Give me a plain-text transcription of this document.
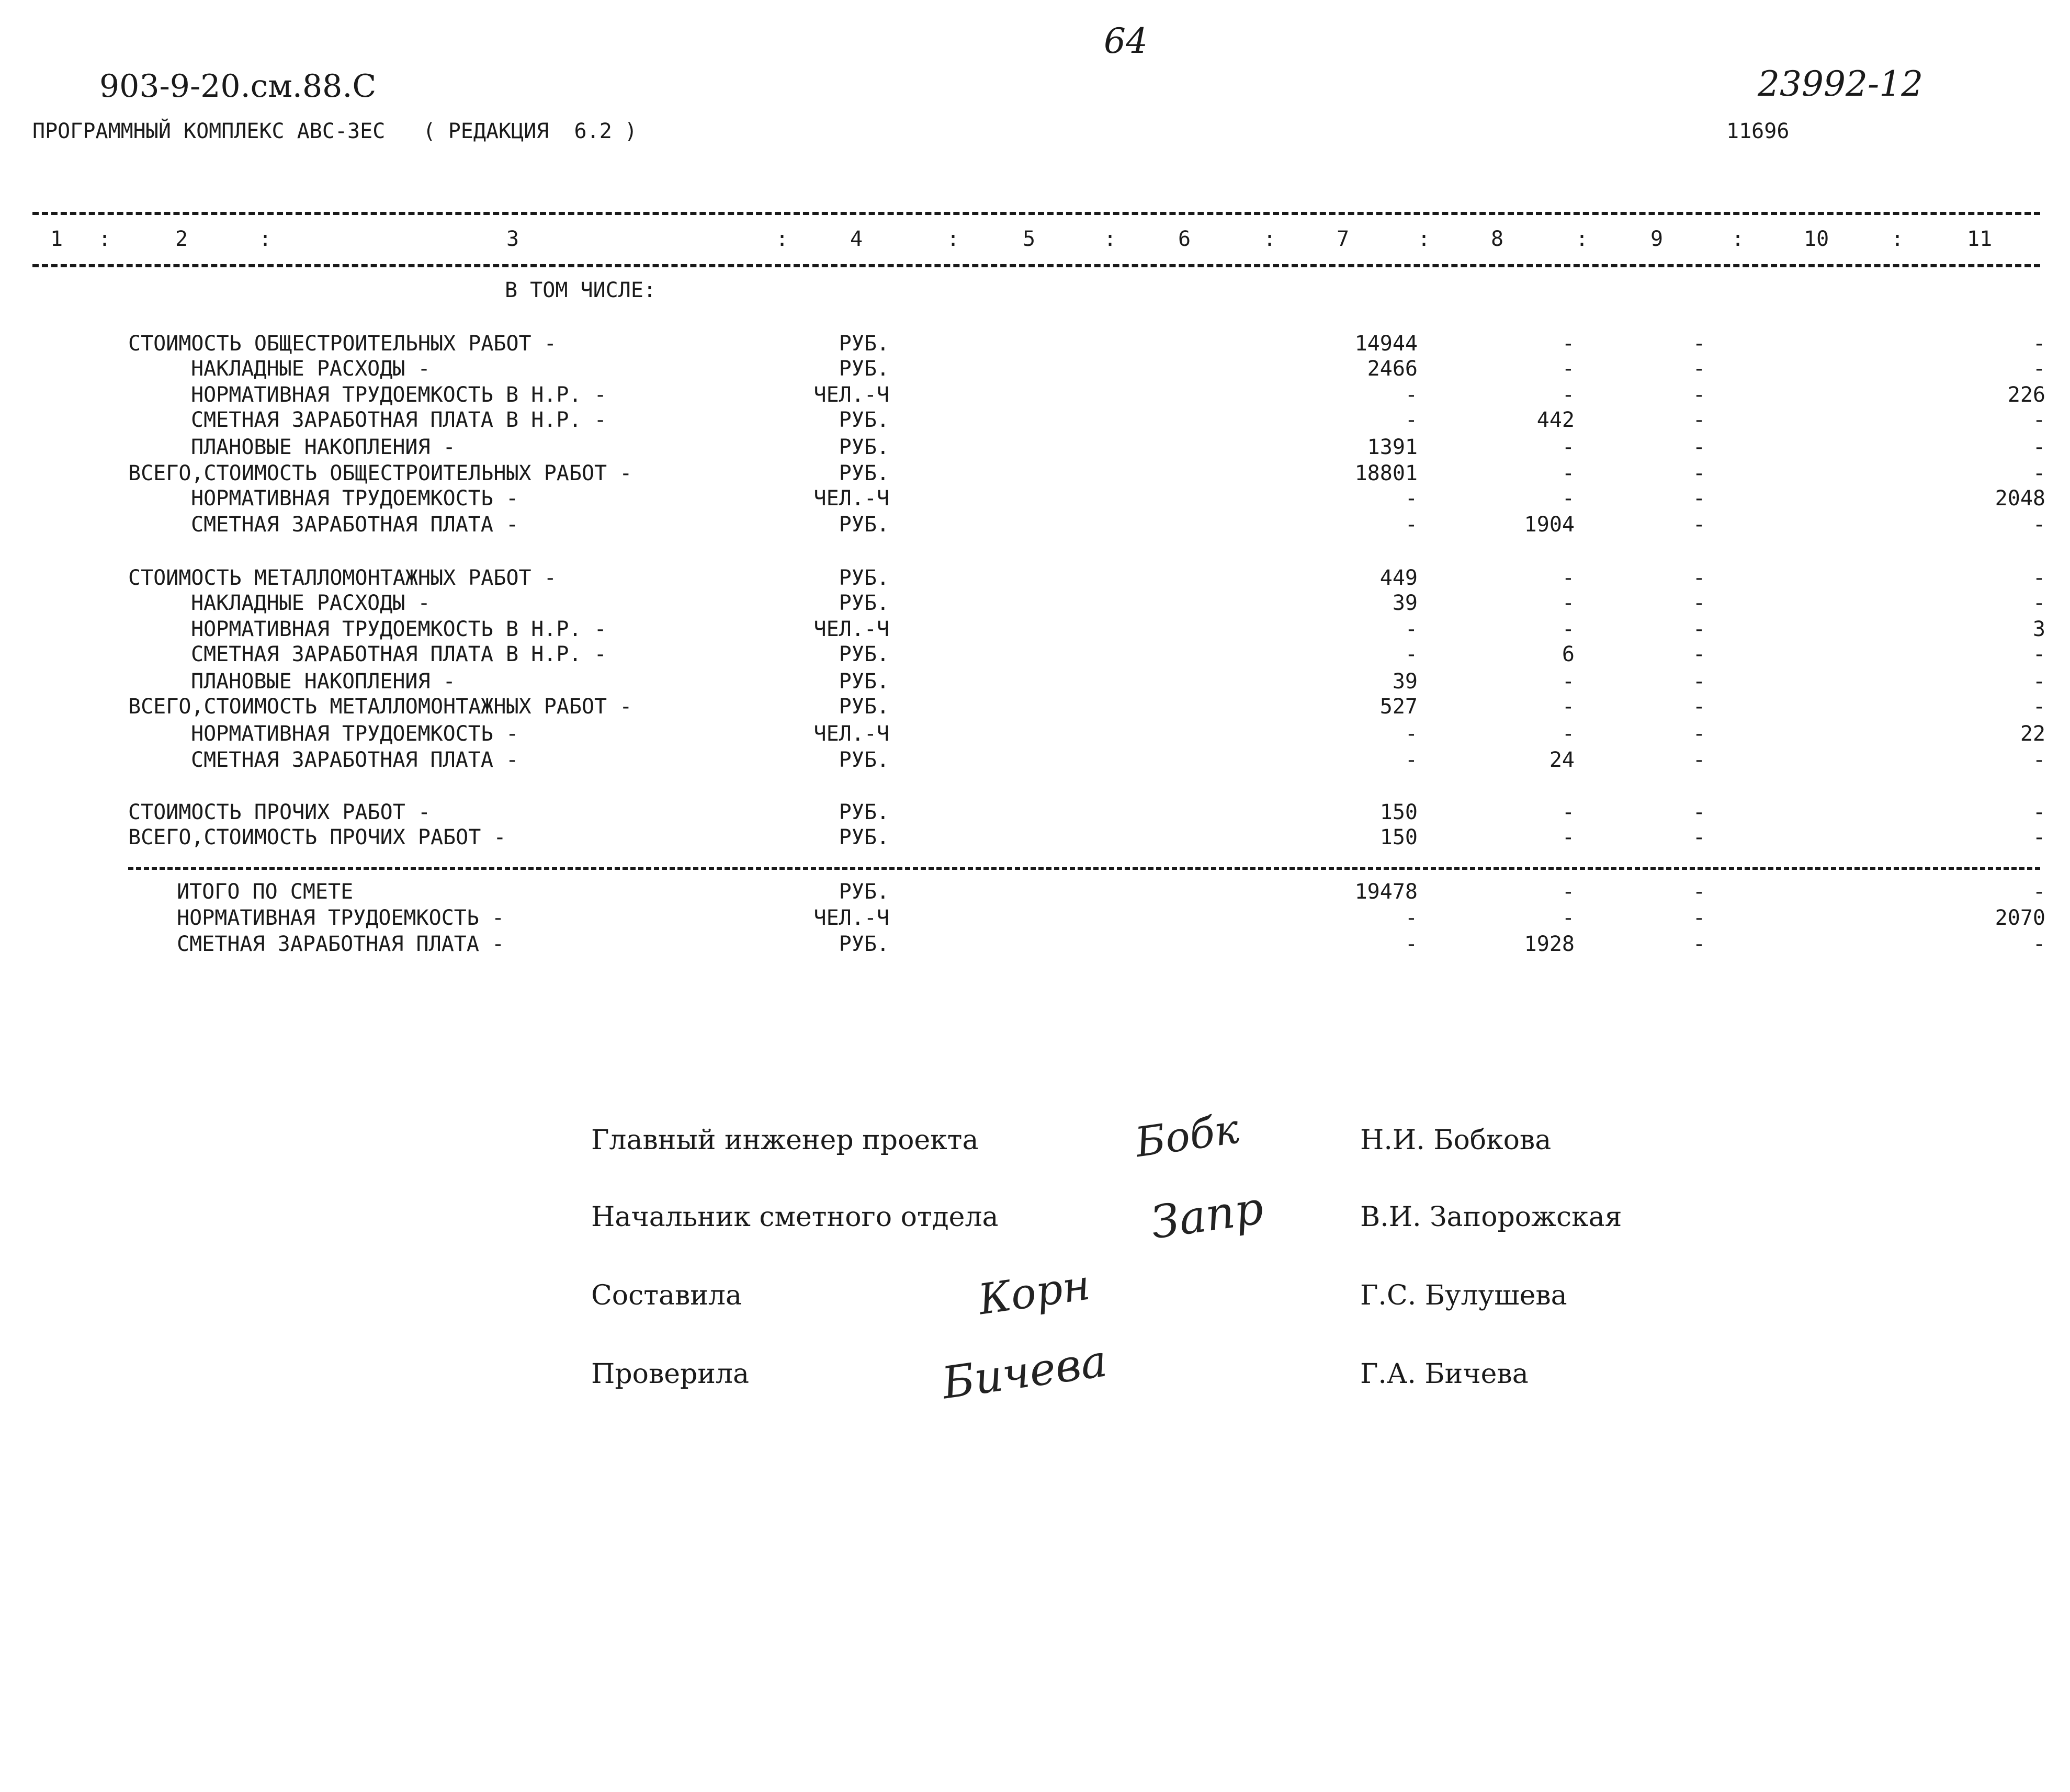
64
903-9-20.см.88.С	23992-12
ПРОГРАММНЫЙ КОМПЛЕКС АВС-3ЕС   ( РЕДАКЦИЯ  6.2 )	11696
1 :	2	:	3	:	4	:	5	:	6	:	7	:	8	:	9	:	10	:	11
В ТОМ ЧИСЛЕ:
СТОИМОСТЬ ОБЩЕСТРОИТЕЛЬНЫХ РАБОТ -	РУБ.	14944	-	-	-
НАКЛАДНЫЕ РАСХОДЫ -	РУБ.	2466	-	-	-
НОРМАТИВНАЯ ТРУДОЕМКОСТЬ В Н.Р. -	ЧЕЛ.-Ч	-	-	-	226
СМЕТНАЯ ЗАРАБОТНАЯ ПЛАТА В Н.Р. -	РУБ.	-	442	-	-
ПЛАНОВЫЕ НАКОПЛЕНИЯ -	РУБ.	1391	-	-	-
ВСЕГО,СТОИМОСТЬ ОБЩЕСТРОИТЕЛЬНЫХ РАБОТ -	РУБ.	18801	-	-	-
НОРМАТИВНАЯ ТРУДОЕМКОСТЬ -	ЧЕЛ.-Ч	-	-	-	2048
СМЕТНАЯ ЗАРАБОТНАЯ ПЛАТА -	РУБ.	-	1904	-	-
СТОИМОСТЬ МЕТАЛЛОМОНТАЖНЫХ РАБОТ -	РУБ.	449	-	-	-
НАКЛАДНЫЕ РАСХОДЫ -	РУБ.	39	-	-	-
НОРМАТИВНАЯ ТРУДОЕМКОСТЬ В Н.Р. -	ЧЕЛ.-Ч	-	-	-	3
СМЕТНАЯ ЗАРАБОТНАЯ ПЛАТА В Н.Р. -	РУБ.	-	6	-	-
ПЛАНОВЫЕ НАКОПЛЕНИЯ -	РУБ.	39	-	-	-
ВСЕГО,СТОИМОСТЬ МЕТАЛЛОМОНТАЖНЫХ РАБОТ -	РУБ.	527	-	-	-
НОРМАТИВНАЯ ТРУДОЕМКОСТЬ -	ЧЕЛ.-Ч	-	-	-	22
СМЕТНАЯ ЗАРАБОТНАЯ ПЛАТА -	РУБ.	-	24	-	-
СТОИМОСТЬ ПРОЧИХ РАБОТ -	РУБ.	150	-	-	-
ВСЕГО,СТОИМОСТЬ ПРОЧИХ РАБОТ -	РУБ.	150	-	-	-
ИТОГО ПО СМЕТЕ	РУБ.	19478	-	-	-
НОРМАТИВНАЯ ТРУДОЕМКОСТЬ -	ЧЕЛ.-Ч	-	-	-	2070
СМЕТНАЯ ЗАРАБОТНАЯ ПЛАТА -	РУБ.	-	1928	-	-
Главный инженер проекта	Бобк	Н.И. Бобкова
Начальник сметного отдела	Запр	В.И. Запорожская
Составила	Корн	Г.С. Булушева
Проверила	Бичева	Г.А. Бичева
